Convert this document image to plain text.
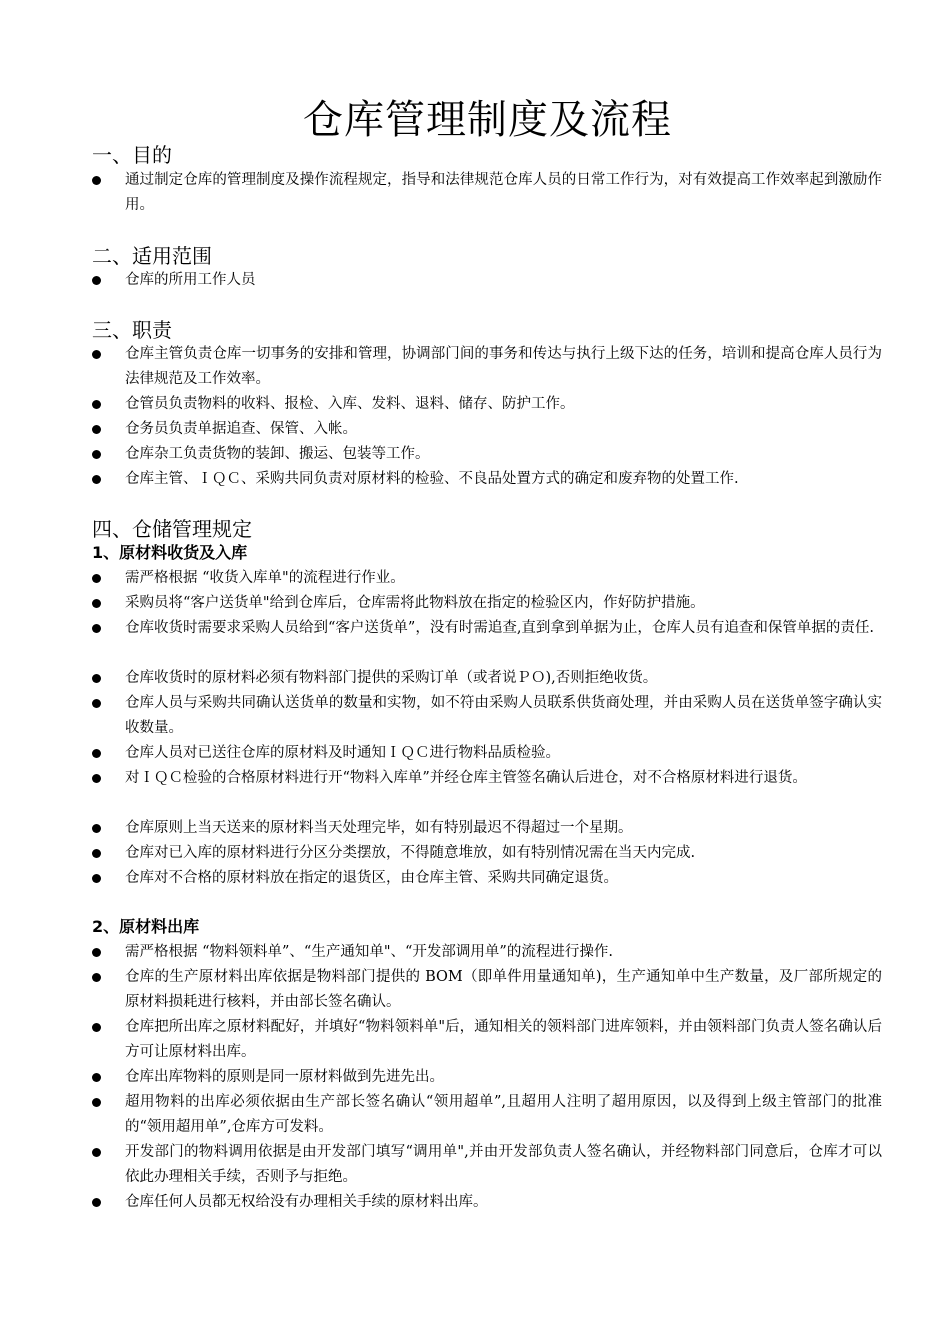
仓库管理制度及流程
一、目的
通过制定仓库的管理制度及操作流程规定，指导和法律规范仓库人员的日常工作行为，对有效提高工作效率起到激励作用。
二、适用范围
仓库的所用工作人员
三、职责
仓库主管负责仓库一切事务的安排和管理，协调部门间的事务和传达与执行上级下达的任务，培训和提高仓库人员行为法律规范及工作效率。
仓管员负责物料的收料、报检、入库、发料、退料、储存、防护工作。
仓务员负责单据追查、保管、入帐。
仓库杂工负责货物的装卸、搬运、包装等工作。
仓库主管、ＩＱＣ、采购共同负责对原材料的检验、不良品处置方式的确定和废弃物的处置工作.
四、仓储管理规定
1、原材料收货及入库
需严格根据 “收货入库单"的流程进行作业。
采购员将“客户送货单"给到仓库后，仓库需将此物料放在指定的检验区内，作好防护措施。
仓库收货时需要求采购人员给到“客户送货单”，没有时需追查,直到拿到单据为止，仓库人员有追查和保管单据的责任.
仓库收货时的原材料必须有物料部门提供的采购订单（或者说ＰＯ),否则拒绝收货。
仓库人员与采购共同确认送货单的数量和实物，如不符由采购人员联系供货商处理，并由采购人员在送货单签字确认实收数量。
仓库人员对已送往仓库的原材料及时通知ＩＱＣ进行物料品质检验。
对ＩＱＣ检验的合格原材料进行开“物料入库单”并经仓库主管签名确认后进仓，对不合格原材料进行退货。
仓库原则上当天送来的原材料当天处理完毕，如有特别最迟不得超过一个星期。
仓库对已入库的原材料进行分区分类摆放，不得随意堆放，如有特别情况需在当天内完成.
仓库对不合格的原材料放在指定的退货区，由仓库主管、采购共同确定退货。
2、原材料出库
需严格根据 “物料领料单”、“生产通知单"、“开发部调用单”的流程进行操作.
仓库的生产原材料出库依据是物料部门提供的 BOM（即单件用量通知单)，生产通知单中生产数量，及厂部所规定的原材料损耗进行核料，并由部长签名确认。
仓库把所出库之原材料配好，并填好“物料领料单"后，通知相关的领料部门进库领料，并由领料部门负责人签名确认后方可让原材料出库。
仓库出库物料的原则是同一原材料做到先进先出。
超用物料的出库必须依据由生产部长签名确认“领用超单”,且超用人注明了超用原因，以及得到上级主管部门的批准的“领用超用单”,仓库方可发料。
开发部门的物料调用依据是由开发部门填写“调用单",并由开发部负责人签名确认，并经物料部门同意后，仓库才可以依此办理相关手续，否则予与拒绝。
仓库任何人员都无权给没有办理相关手续的原材料出库。
